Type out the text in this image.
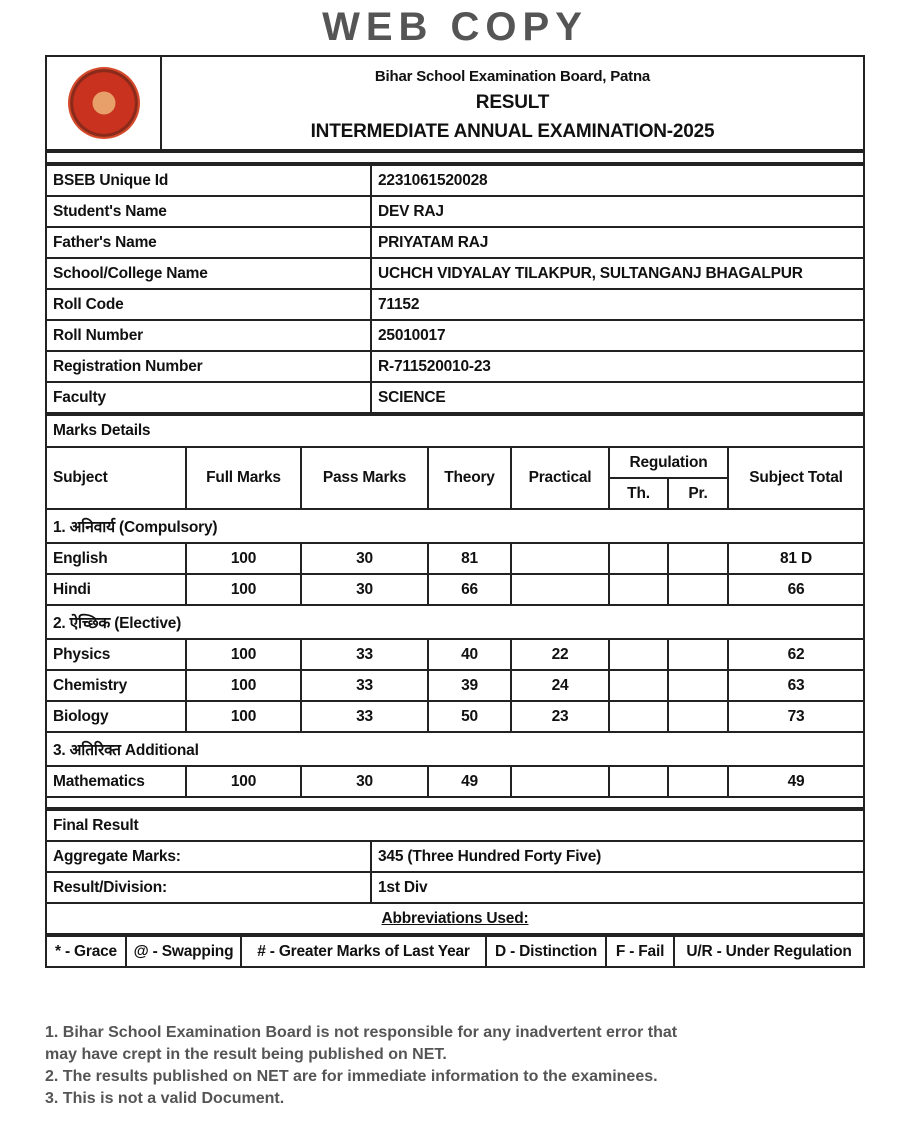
WEB COPY

Bihar School Examination Board, Patna
RESULT
INTERMEDIATE ANNUAL EXAMINATION-2025
BSEB Unique Id	2231061520028
Student's Name	DEV RAJ
Father's Name	PRIYATAM RAJ
School/College Name	UCHCH VIDYALAY TILAKPUR, SULTANGANJ BHAGALPUR
Roll Code	71152
Roll Number	25010017
Registration Number	R-711520010-23
Faculty	SCIENCE
Marks Details							
Subject	Full Marks	Pass Marks	Theory	Practical	Regulation		Subject Total
					Th.	Pr.	
1. अनिवार्य (Compulsory)							
English	100	30	81				81 D
Hindi	100	30	66				66
2. ऐच्छिक (Elective)							
Physics	100	33	40	22			62
Chemistry	100	33	39	24			63
Biology	100	33	50	23			73
3. अतिरिक्त Additional							
Mathematics	100	30	49				49

Final Result	
Aggregate Marks:	345 (Three Hundred Forty Five)
Result/Division:	1st Div
Abbreviations Used:	
* - Grace	@ - Swapping	# - Greater Marks of Last Year	D - Distinction	F - Fail	U/R - Under Regulation
1. Bihar School Examination Board is not responsible for any inadvertent error that
may have crept in the result being published on NET.
2. The results published on NET are for immediate information to the examinees.
3. This is not a valid Document.
